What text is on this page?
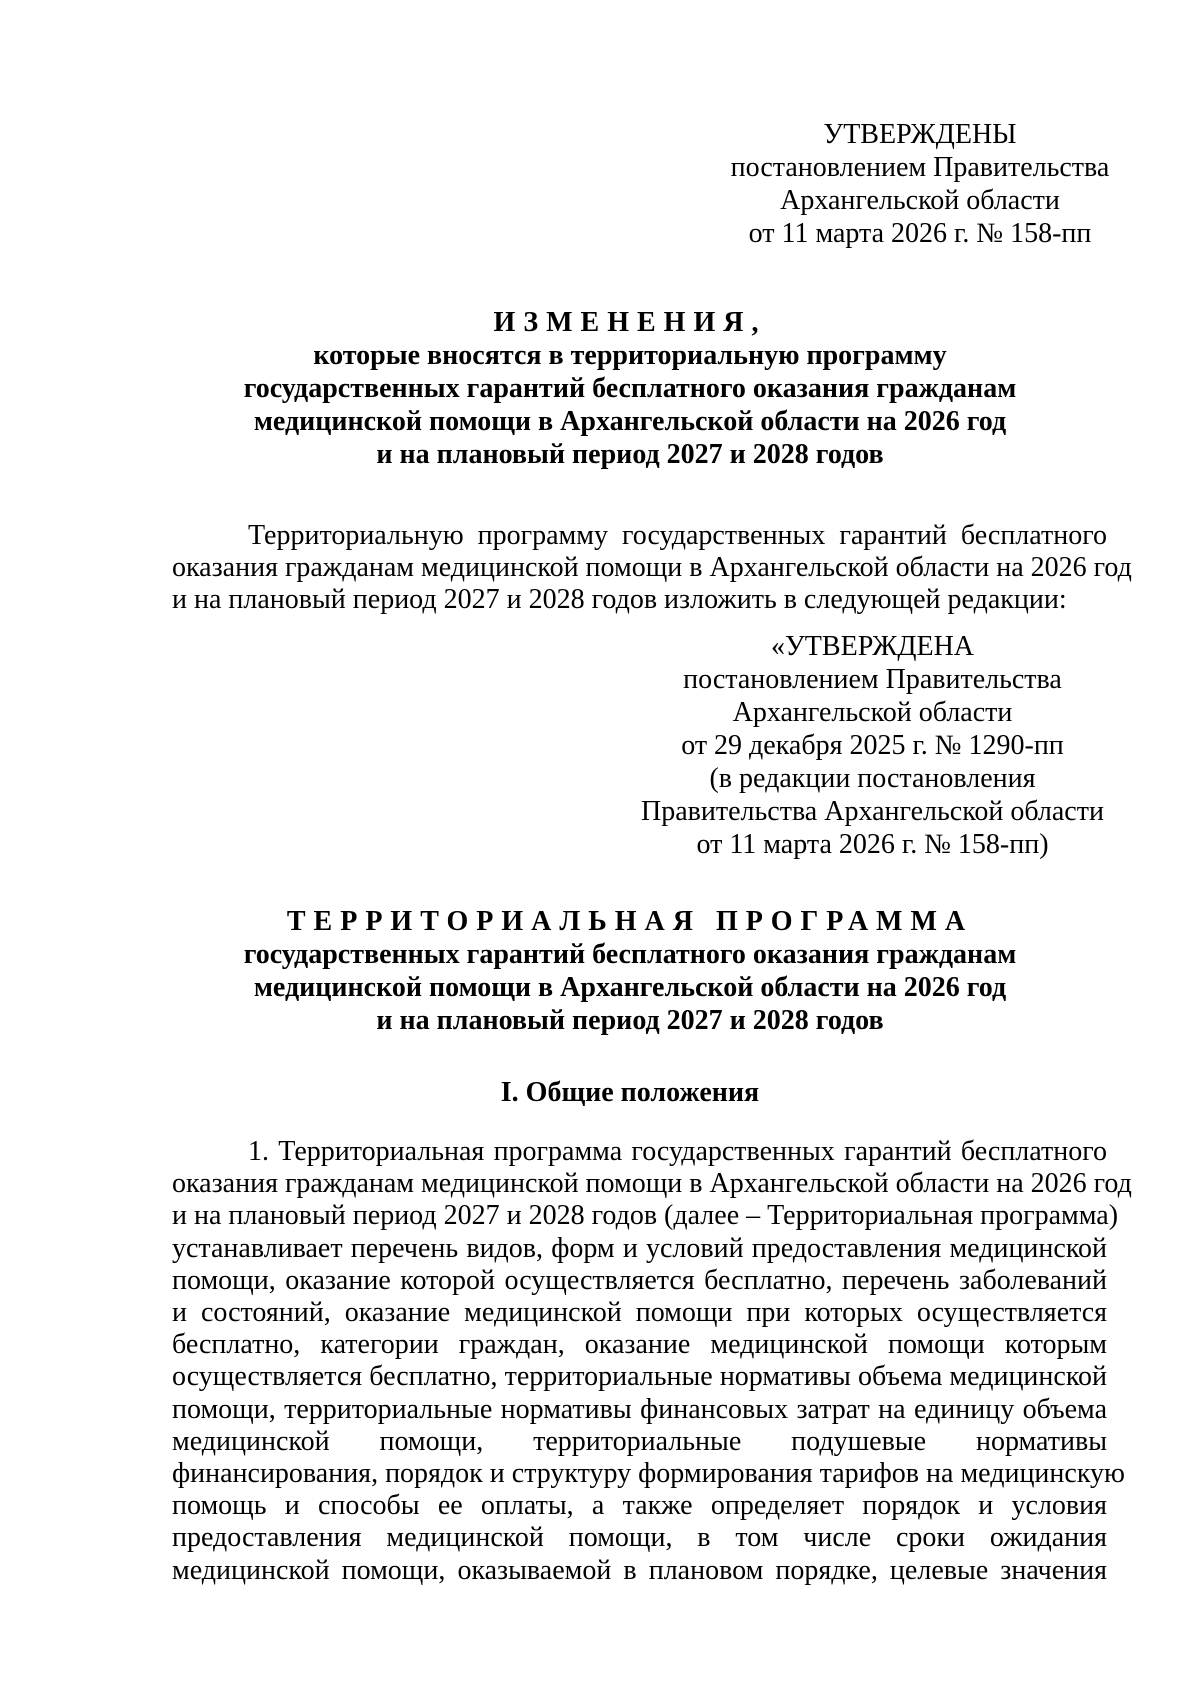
УТВЕРЖДЕНЫ
постановлением Правительства
Архангельской области
от 11 марта 2026 г. № 158-пп
ИЗМЕНЕНИЯ,
которые вносятся в территориальную программу
государственных гарантий бесплатного оказания гражданам
медицинской помощи в Архангельской области на 2026 год
и на плановый период 2027 и 2028 годов
Территориальную программу государственных гарантий бесплатного
оказания гражданам медицинской помощи в Архангельской области на 2026 год
и на плановый период 2027 и 2028 годов изложить в следующей редакции:
«УТВЕРЖДЕНА
постановлением Правительства
Архангельской области
от 29 декабря 2025 г. № 1290-пп
(в редакции постановления
Правительства Архангельской области
от 11 марта 2026 г. № 158-пп)
ТЕРРИТОРИАЛЬНАЯ ПРОГРАММА
государственных гарантий бесплатного оказания гражданам
медицинской помощи в Архангельской области на 2026 год
и на плановый период 2027 и 2028 годов
I. Общие положения
1. Территориальная программа государственных гарантий бесплатного
оказания гражданам медицинской помощи в Архангельской области на 2026 год
и на плановый период 2027 и 2028 годов (далее – Территориальная программа)
устанавливает перечень видов, форм и условий предоставления медицинской
помощи, оказание которой осуществляется бесплатно, перечень заболеваний
и состояний, оказание медицинской помощи при которых осуществляется
бесплатно, категории граждан, оказание медицинской помощи которым
осуществляется бесплатно, территориальные нормативы объема медицинской
помощи, территориальные нормативы финансовых затрат на единицу объема
медицинской помощи, территориальные подушевые нормативы
финансирования, порядок и структуру формирования тарифов на медицинскую
помощь и способы ее оплаты, а также определяет порядок и условия
предоставления медицинской помощи, в том числе сроки ожидания
медицинской помощи, оказываемой в плановом порядке, целевые значения
